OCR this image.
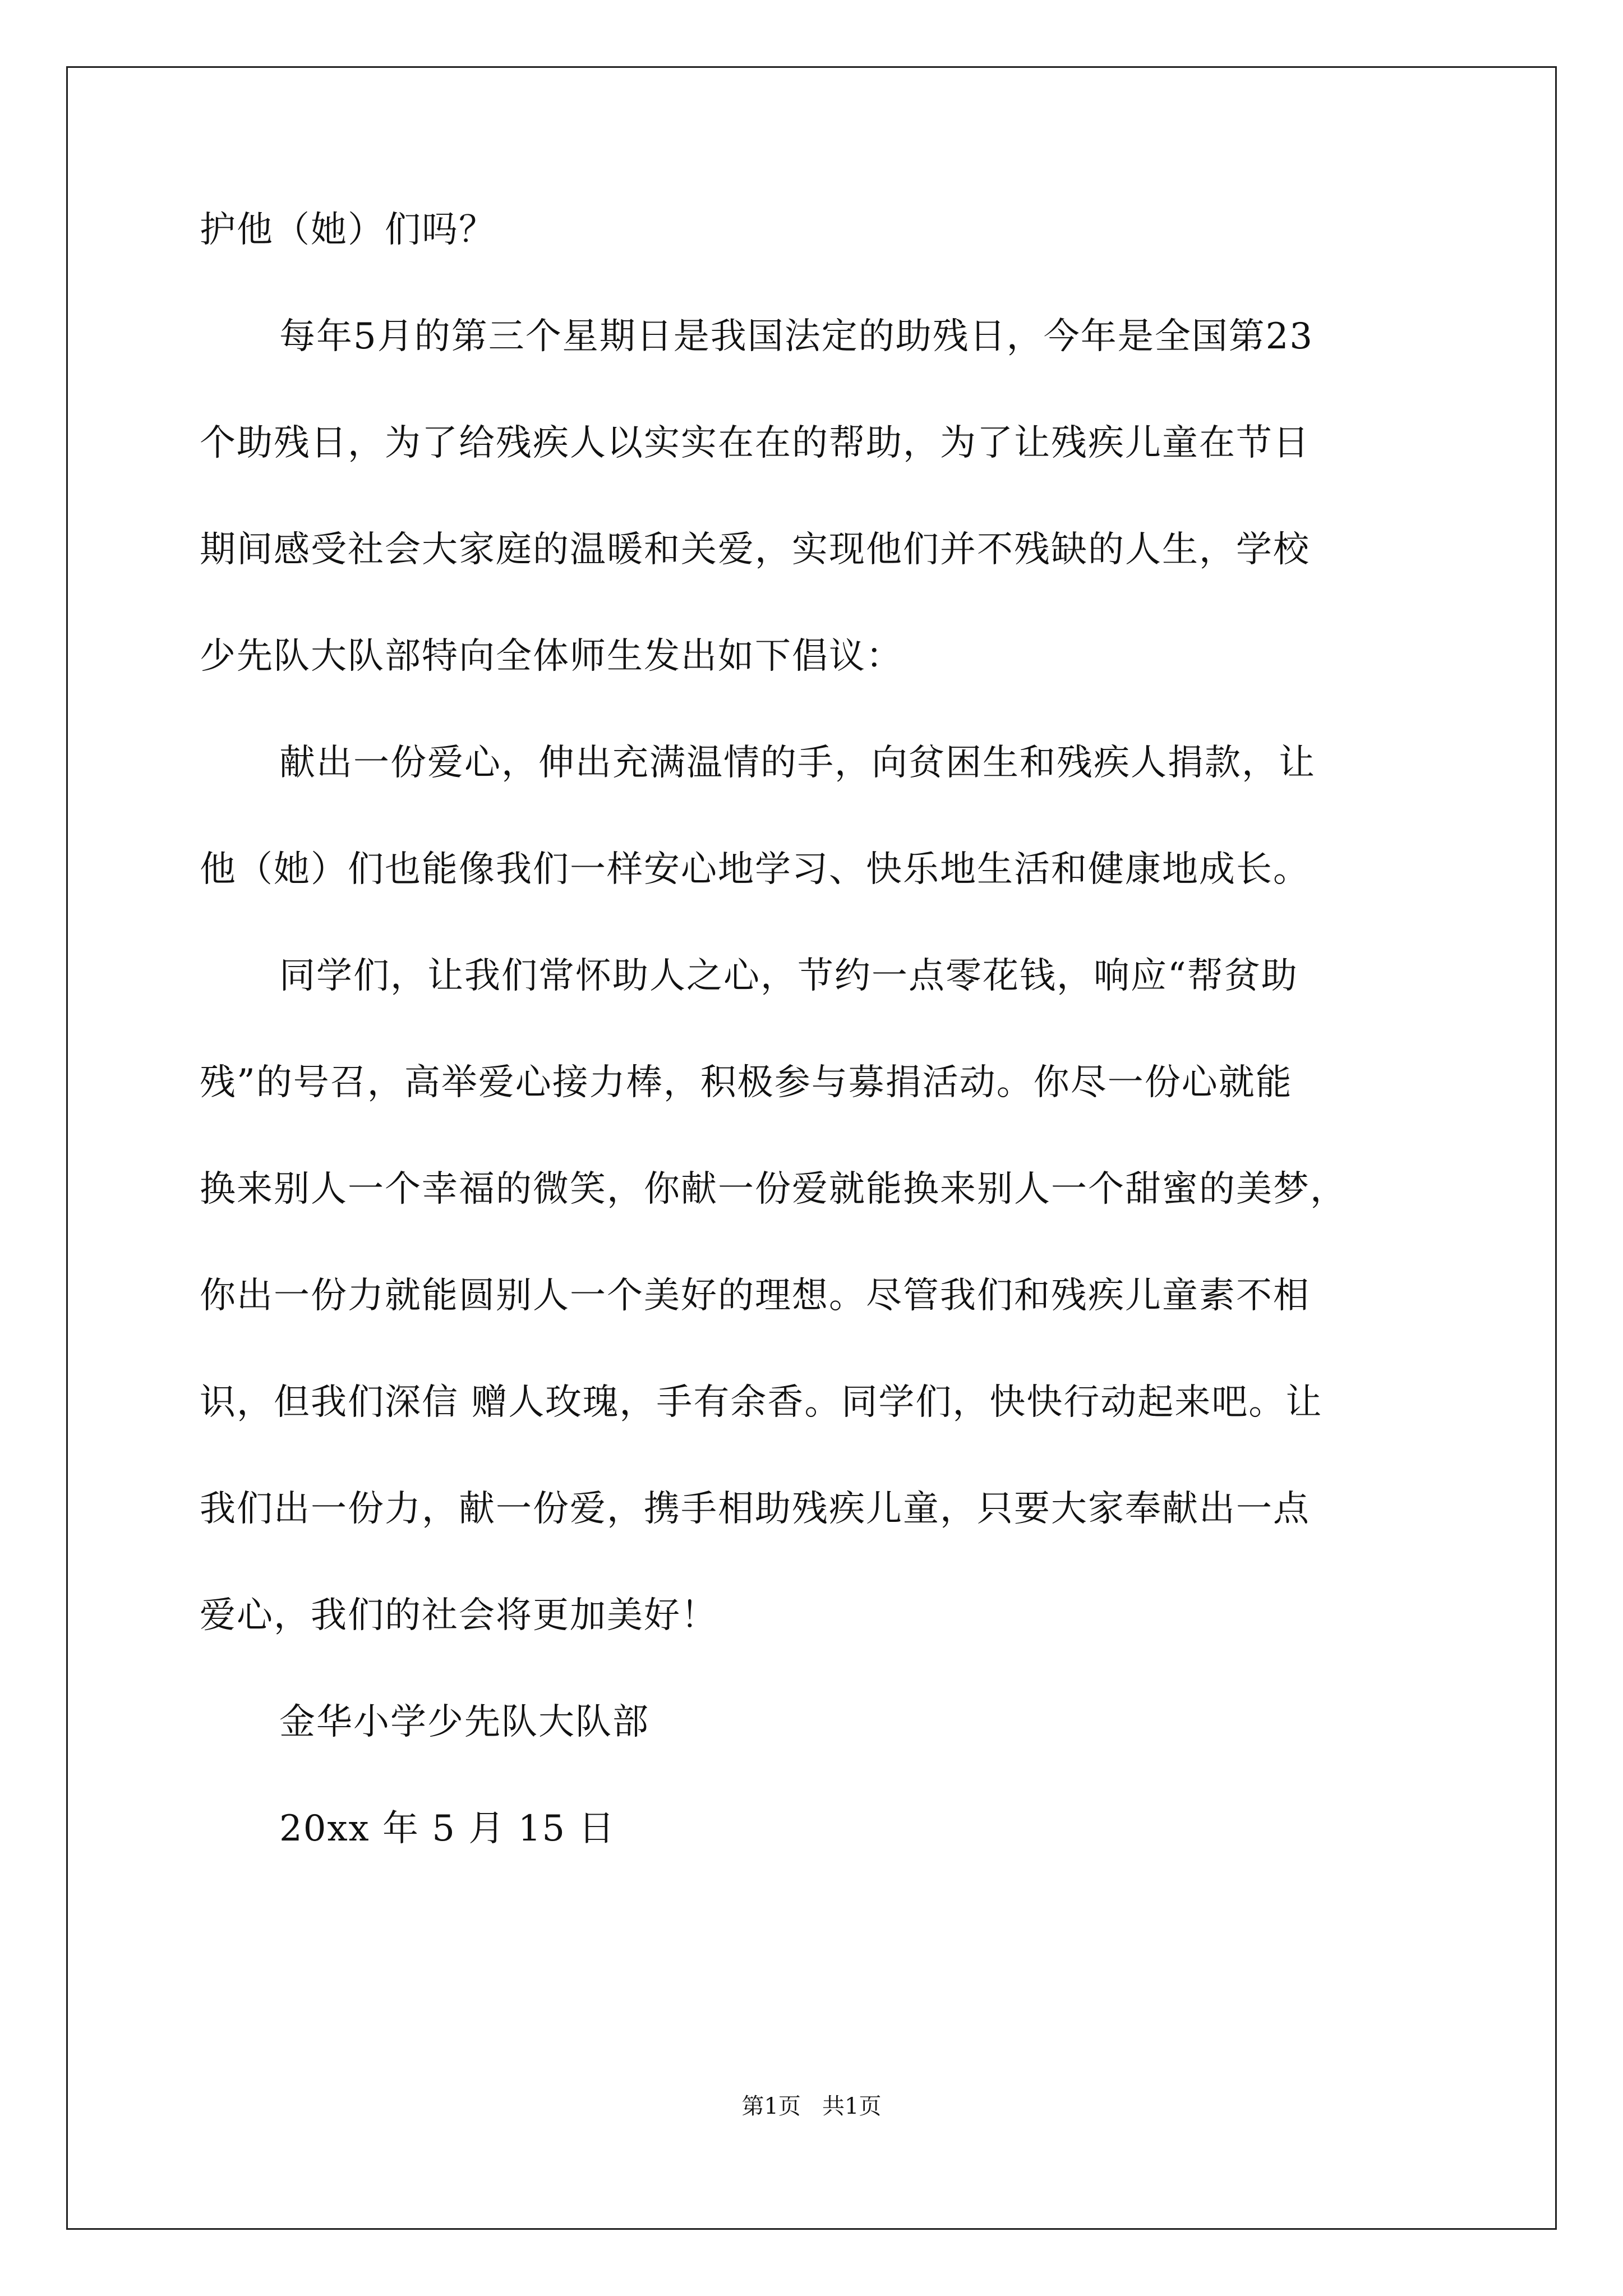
护他（她）们吗？
每年5月的第三个星期日是我国法定的助残日，今年是全国第23
个助残日，为了给残疾人以实实在在的帮助，为了让残疾儿童在节日
期间感受社会大家庭的温暖和关爱，实现他们并不残缺的人生，学校
少先队大队部特向全体师生发出如下倡议：
献出一份爱心，伸出充满温情的手，向贫困生和残疾人捐款，让
他（她）们也能像我们一样安心地学习、快乐地生活和健康地成长。
同学们，让我们常怀助人之心，节约一点零花钱，响应“帮贫助
残”的号召，高举爱心接力棒，积极参与募捐活动。你尽一份心就能
换来别人一个幸福的微笑，你献一份爱就能换来别人一个甜蜜的美梦，
你出一份力就能圆别人一个美好的理想。尽管我们和残疾儿童素不相
识，但我们深信 赠人玫瑰，手有余香。同学们，快快行动起来吧。让
我们出一份力，献一份爱，携手相助残疾儿童，只要大家奉献出一点
爱心，我们的社会将更加美好！
金华小学少先队大队部
20xx 年 5 月 15 日
第1页   共1页
